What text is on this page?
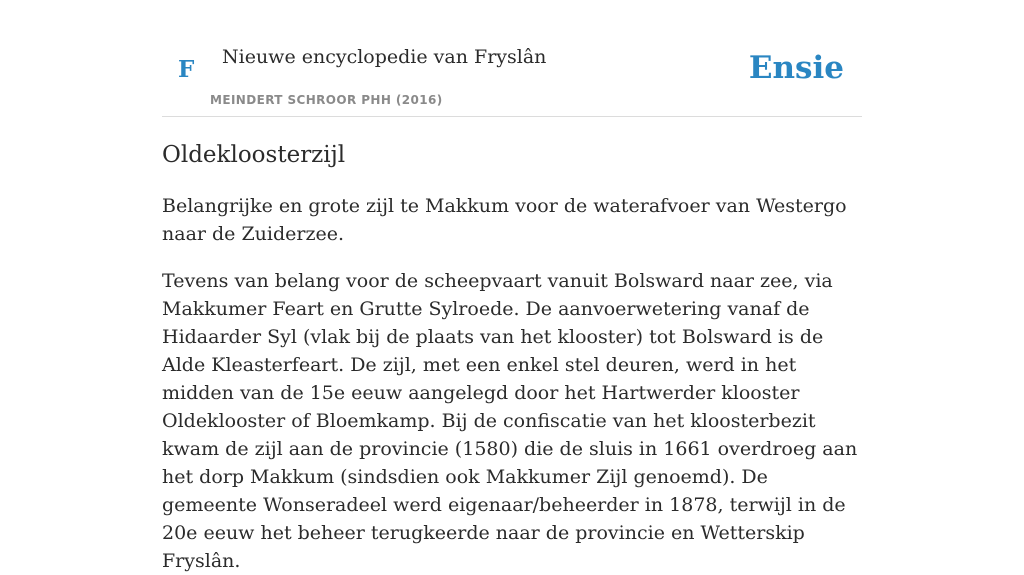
F Nieuwe encyclopedie van Fryslân
MEINDERT SCHROOR PHH (2016)
Ensie
Oldekloosterzijl

Belangrijke en grote zijl te Makkum voor de waterafvoer van Westergo naar de Zuiderzee.

Tevens van belang voor de scheepvaart vanuit Bolsward naar zee, via Makkumer Feart en Grutte Sylroede. De aanvoerwetering vanaf de Hidaarder Syl (vlak bij de plaats van het klooster) tot Bolsward is de Alde Kleasterfeart. De zijl, met een enkel stel deuren, werd in het midden van de 15e eeuw aangelegd door het Hartwerder klooster Oldeklooster of Bloemkamp. Bij de confiscatie van het kloosterbezit kwam de zijl aan de provincie (1580) die de sluis in 1661 overdroeg aan het dorp Makkum (sindsdien ook Makkumer Zijl genoemd). De gemeente Wonseradeel werd eigenaar/beheerder in 1878, terwijl in de 20e eeuw het beheer terugkeerde naar de provincie en Wetterskip Fryslân.
